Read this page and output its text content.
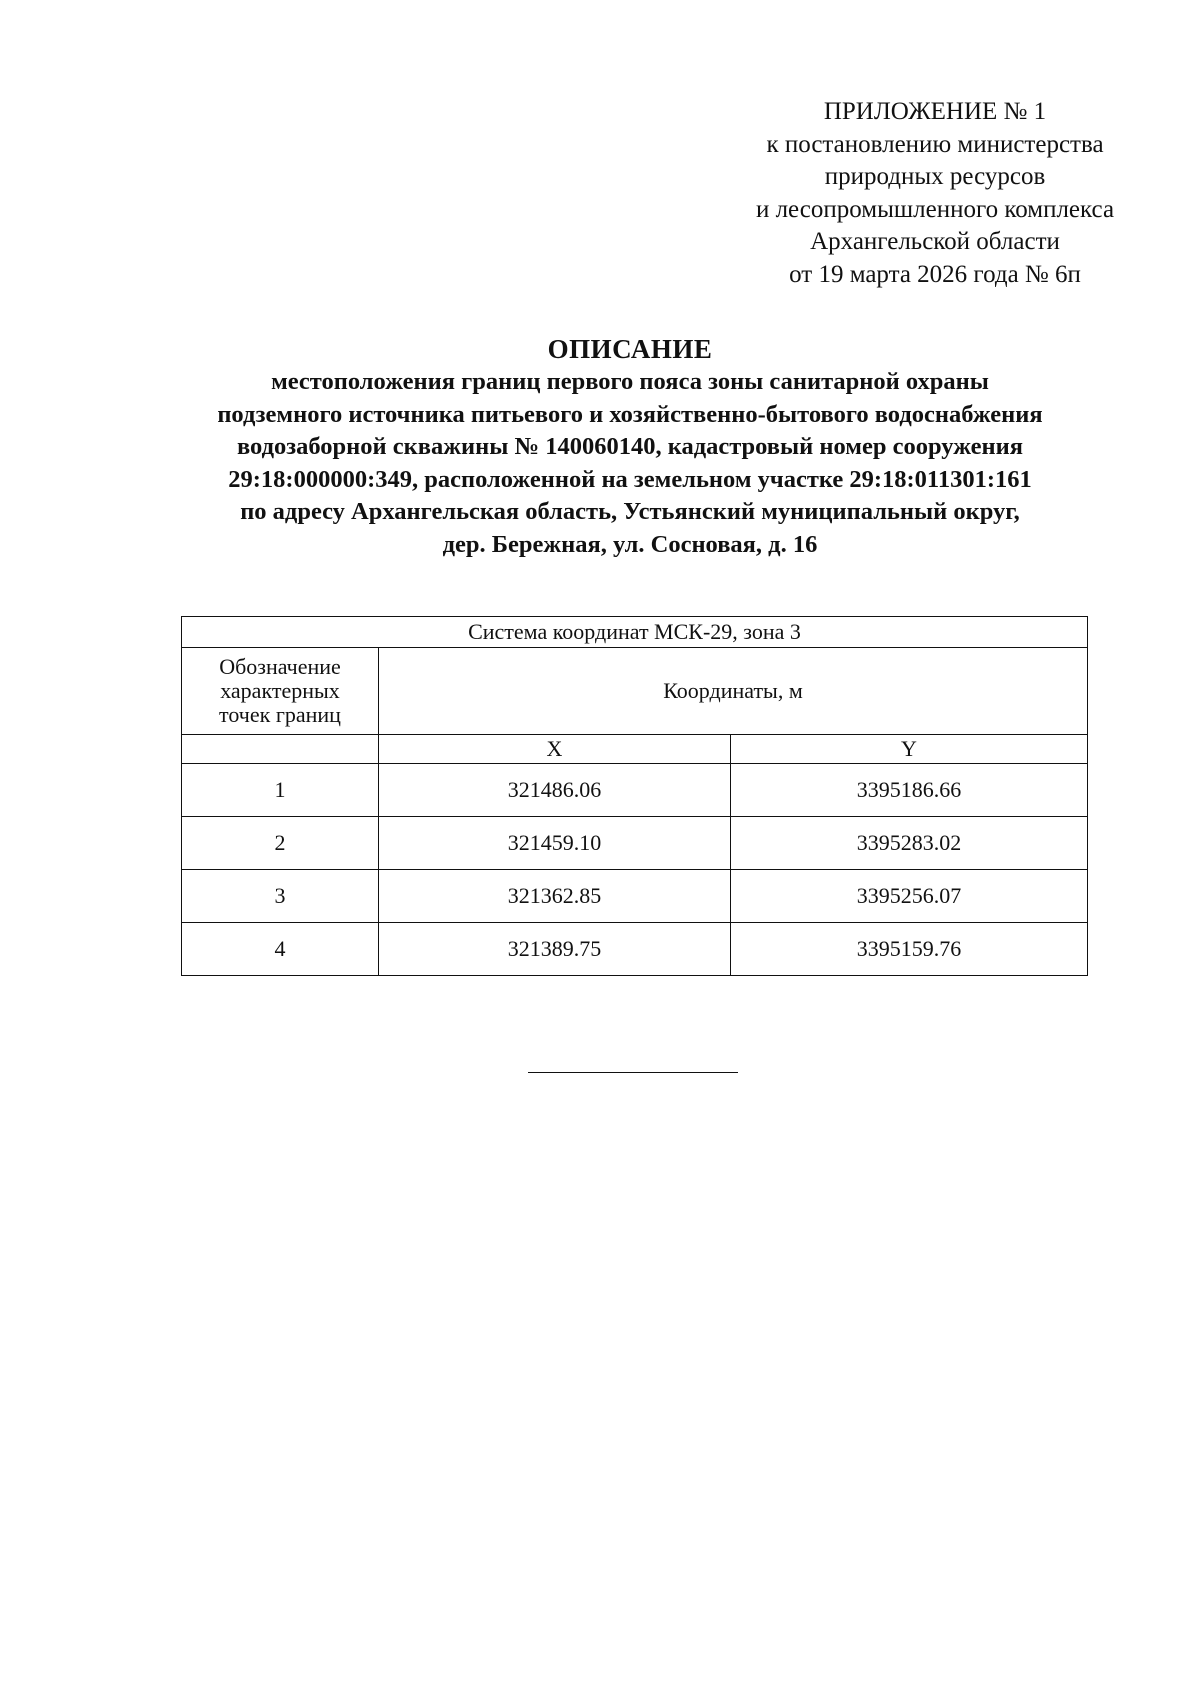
ПРИЛОЖЕНИЕ № 1
к постановлению министерства
природных ресурсов
и лесопромышленного комплекса
Архангельской области
от 19 марта 2026 года № 6п
ОПИСАНИЕ
местоположения границ первого пояса зоны санитарной охраны
подземного источника питьевого и хозяйственно-бытового водоснабжения
водозаборной скважины № 140060140, кадастровый номер сооружения
29:18:000000:349, расположенной на земельном участке 29:18:011301:161
по адресу Архангельская область, Устьянский муниципальный округ,
дер. Бережная, ул. Сосновая, д. 16
Система координат МСК-29, зона 3		

Обозначение
характерных
точек границ	Координаты, м	
	X	Y
1	321486.06	3395186.66
2	321459.10	3395283.02
3	321362.85	3395256.07
4	321389.75	3395159.76
